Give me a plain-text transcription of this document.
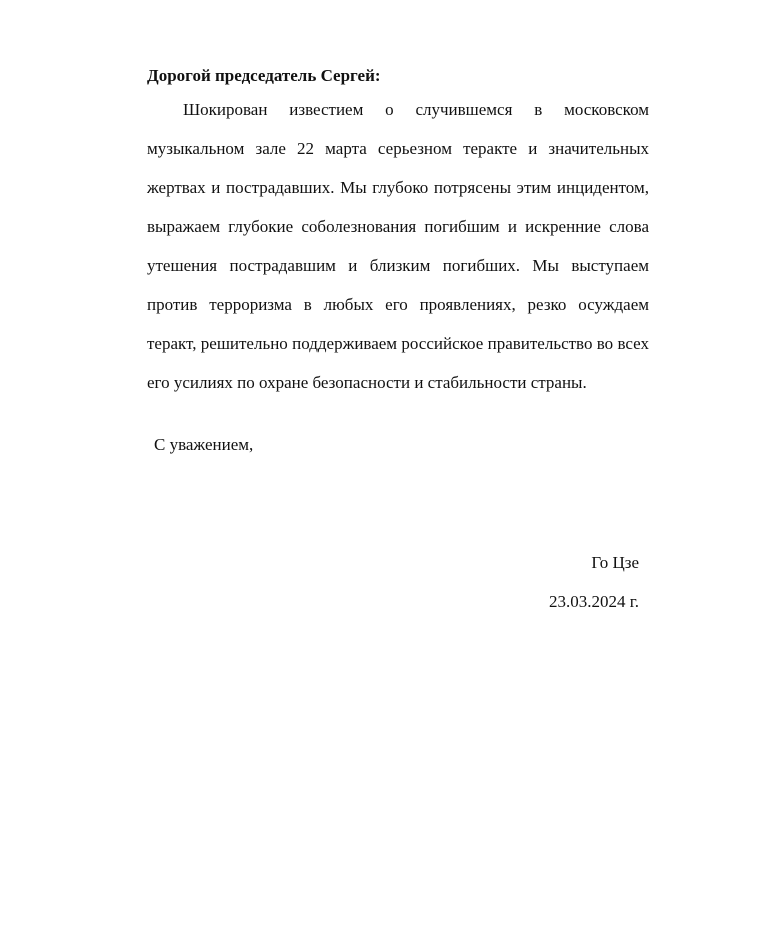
Дорогой председатель Сергей:

Шокирован известием о случившемся в московском музыкальном зале 22 марта серьезном теракте и значительных жертвах и пострадавших. Мы глубоко потрясены этим инцидентом, выражаем глубокие соболезнования погибшим и искренние слова утешения пострадавшим и близким погибших. Мы выступаем против терроризма в любых его проявлениях, резко осуждаем теракт, решительно поддерживаем российское правительство во всех его усилиях по охране безопасности и стабильности страны.

С уважением,

Го Цзе
23.03.2024 г.
